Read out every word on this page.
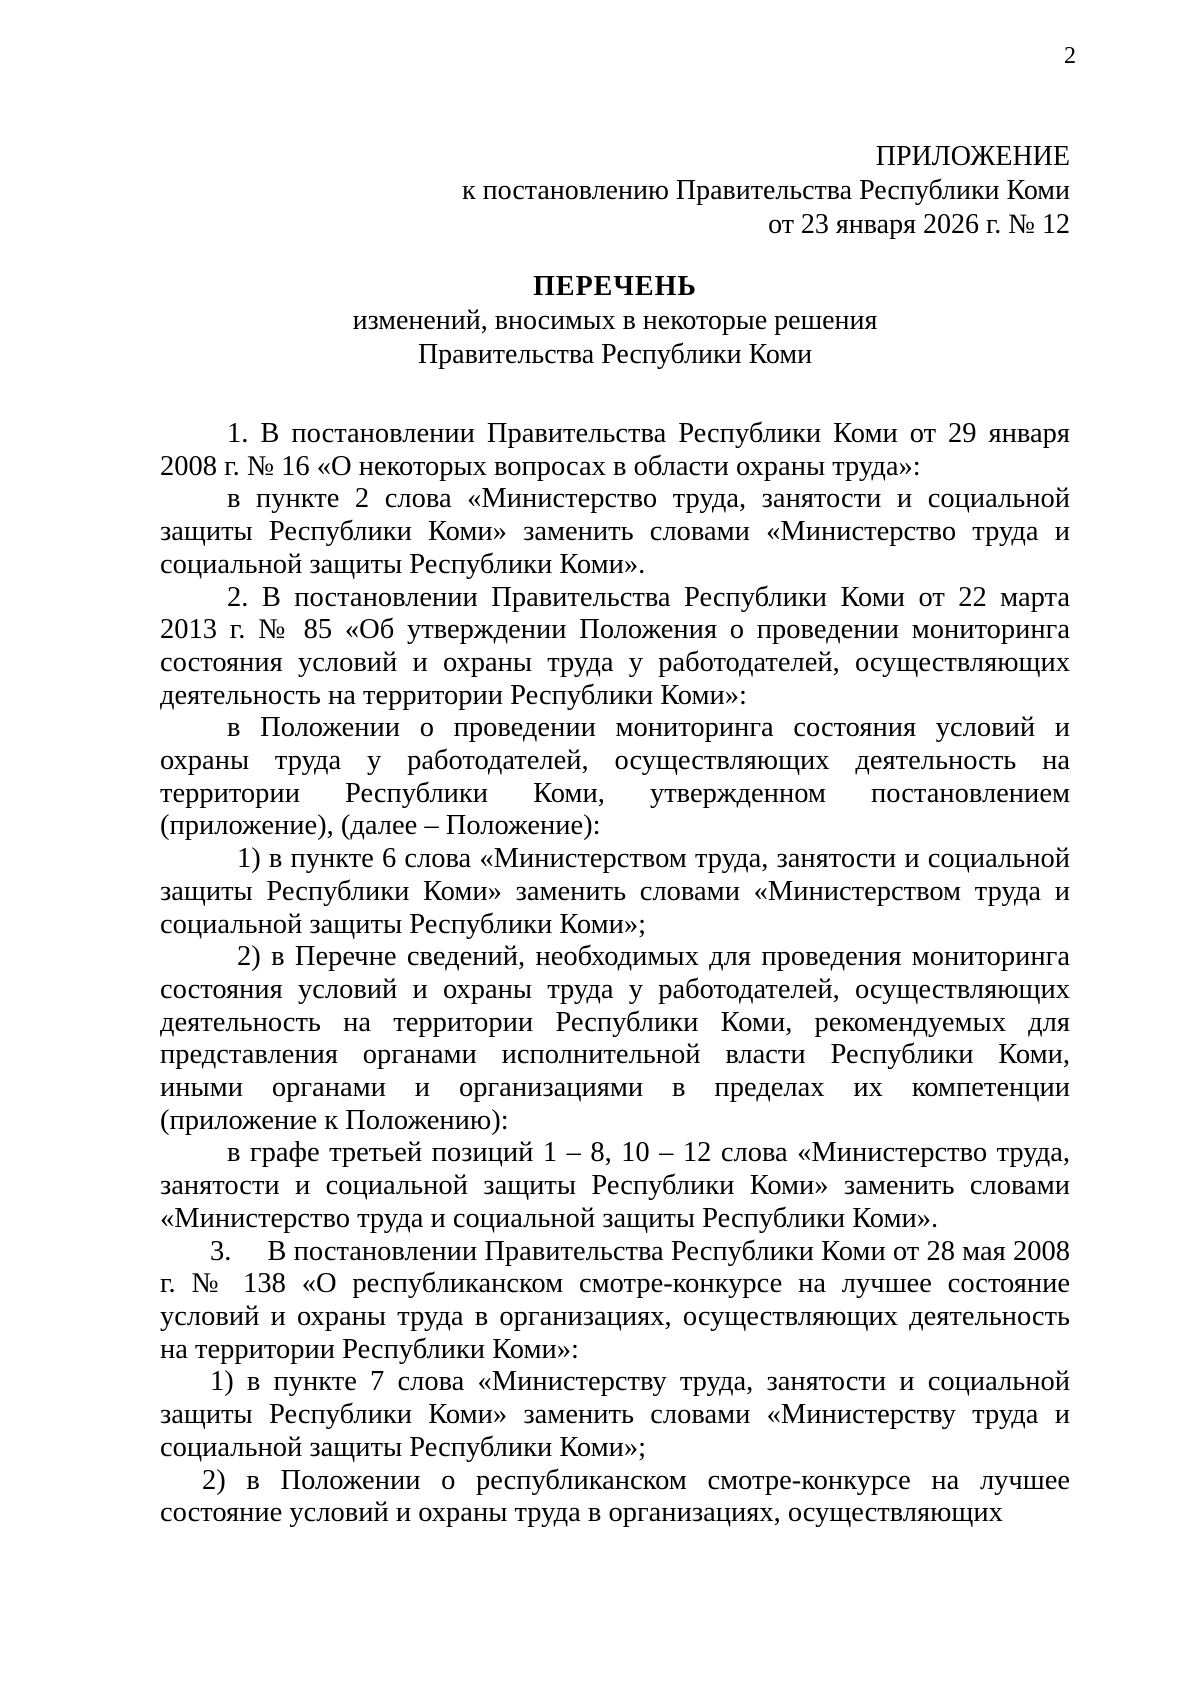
2
ПРИЛОЖЕНИЕ
к постановлению Правительства Республики Коми
от 23 января 2026 г. № 12
ПЕРЕЧЕНЬ
изменений, вносимых в некоторые решения
Правительства Республики Коми

1. В постановлении Правительства Республики Коми от 29 января 2008 г. № 16 «О некоторых вопросах в области охраны труда»:

в пункте 2 слова «Министерство труда, занятости и социальной защиты Республики Коми» заменить словами «Министерство труда и социальной защиты Республики Коми».

2. В постановлении Правительства Республики Коми от 22 марта 2013 г. № 85 «Об утверждении Положения о проведении мониторинга состояния условий и охраны труда у работодателей, осуществляющих деятельность на территории Республики Коми»:

в Положении о проведении мониторинга состояния условий и охраны труда у работодателей, осуществляющих деятельность на территории Республики Коми, утвержденном постановлением (приложение), (далее – Положение):

1) в пункте 6 слова «Министерством труда, занятости и социальной защиты Республики Коми» заменить словами «Министерством труда и социальной защиты Республики Коми»;

2) в Перечне сведений, необходимых для проведения мониторинга состояния условий и охраны труда у работодателей, осуществляющих деятельность на территории Республики Коми, рекомендуемых для представления органами исполнительной власти Республики Коми, иными органами и организациями в пределах их компетенции (приложение к Положению):

в графе третьей позиций 1 – 8, 10 – 12 слова «Министерство труда, занятости и социальной защиты Республики Коми» заменить словами «Министерство труда и социальной защиты Республики Коми».

3. В постановлении Правительства Республики Коми от 28 мая 2008 г. № 138 «О республиканском смотре-конкурсе на лучшее состояние условий и охраны труда в организациях, осуществляющих деятельность на территории Республики Коми»:

1) в пункте 7 слова «Министерству труда, занятости и социальной защиты Республики Коми» заменить словами «Министерству труда и социальной защиты Республики Коми»;

2) в Положении о республиканском смотре-конкурсе на лучшее состояние условий и охраны труда в организациях, осуществляющих
